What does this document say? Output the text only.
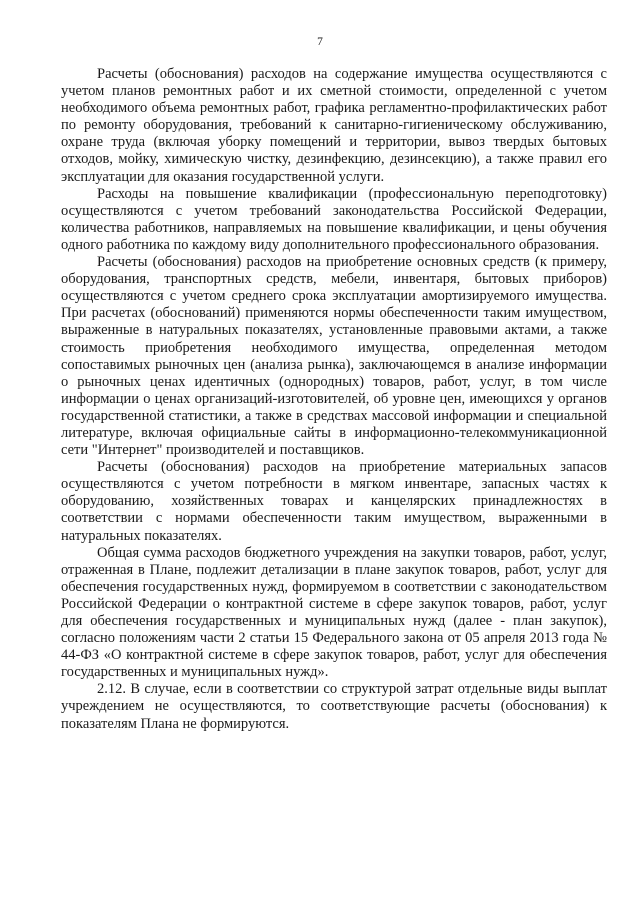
7

Расчеты (обоснования) расходов на содержание имущества осуществляются с учетом планов ремонтных работ и их сметной стоимости, определенной с учетом необходимого объема ремонтных работ, графика регламентно-профилактических работ по ремонту оборудования, требований к санитарно-гигиеническому обслуживанию, охране труда (включая уборку помещений и территории, вывоз твердых бытовых отходов, мойку, химическую чистку, дезинфекцию, дезинсекцию), а также правил его эксплуатации для оказания государственной услуги.

Расходы на повышение квалификации (профессиональную переподготовку) осуществляются с учетом требований законодательства Российской Федерации, количества работников, направляемых на повышение квалификации, и цены обучения одного работника по каждому виду дополнительного профессионального образования.

Расчеты (обоснования) расходов на приобретение основных средств (к примеру, оборудования, транспортных средств, мебели, инвентаря, бытовых приборов) осуществляются с учетом среднего срока эксплуатации амортизируемого имущества. При расчетах (обоснований) применяются нормы обеспеченности таким имуществом, выраженные в натуральных показателях, установленные правовыми актами, а также стоимость приобретения необходимого имущества, определенная методом сопоставимых рыночных цен (анализа рынка), заключающемся в анализе информации о рыночных ценах идентичных (однородных) товаров, работ, услуг, в том числе информации о ценах организаций-изготовителей, об уровне цен, имеющихся у органов государственной статистики, а также в средствах массовой информации и специальной литературе, включая официальные сайты в информационно-телекоммуникационной сети "Интернет" производителей и поставщиков.

Расчеты (обоснования) расходов на приобретение материальных запасов осуществляются с учетом потребности в мягком инвентаре, запасных частях к оборудованию, хозяйственных товарах и канцелярских принадлежностях в соответствии с нормами обеспеченности таким имуществом, выраженными в натуральных показателях.

Общая сумма расходов бюджетного учреждения на закупки товаров, работ, услуг, отраженная в Плане, подлежит детализации в плане закупок товаров, работ, услуг для обеспечения государственных нужд, формируемом в соответствии с законодательством Российской Федерации о контрактной системе в сфере закупок товаров, работ, услуг для обеспечения государственных и муниципальных нужд (далее - план закупок), согласно положениям части 2 статьи 15 Федерального закона от 05 апреля 2013 года № 44-ФЗ «О контрактной системе в сфере закупок товаров, работ, услуг для обеспечения государственных и муниципальных нужд».

2.12. В случае, если в соответствии со структурой затрат отдельные виды выплат учреждением не осуществляются, то соответствующие расчеты (обоснования) к показателям Плана не формируются.
